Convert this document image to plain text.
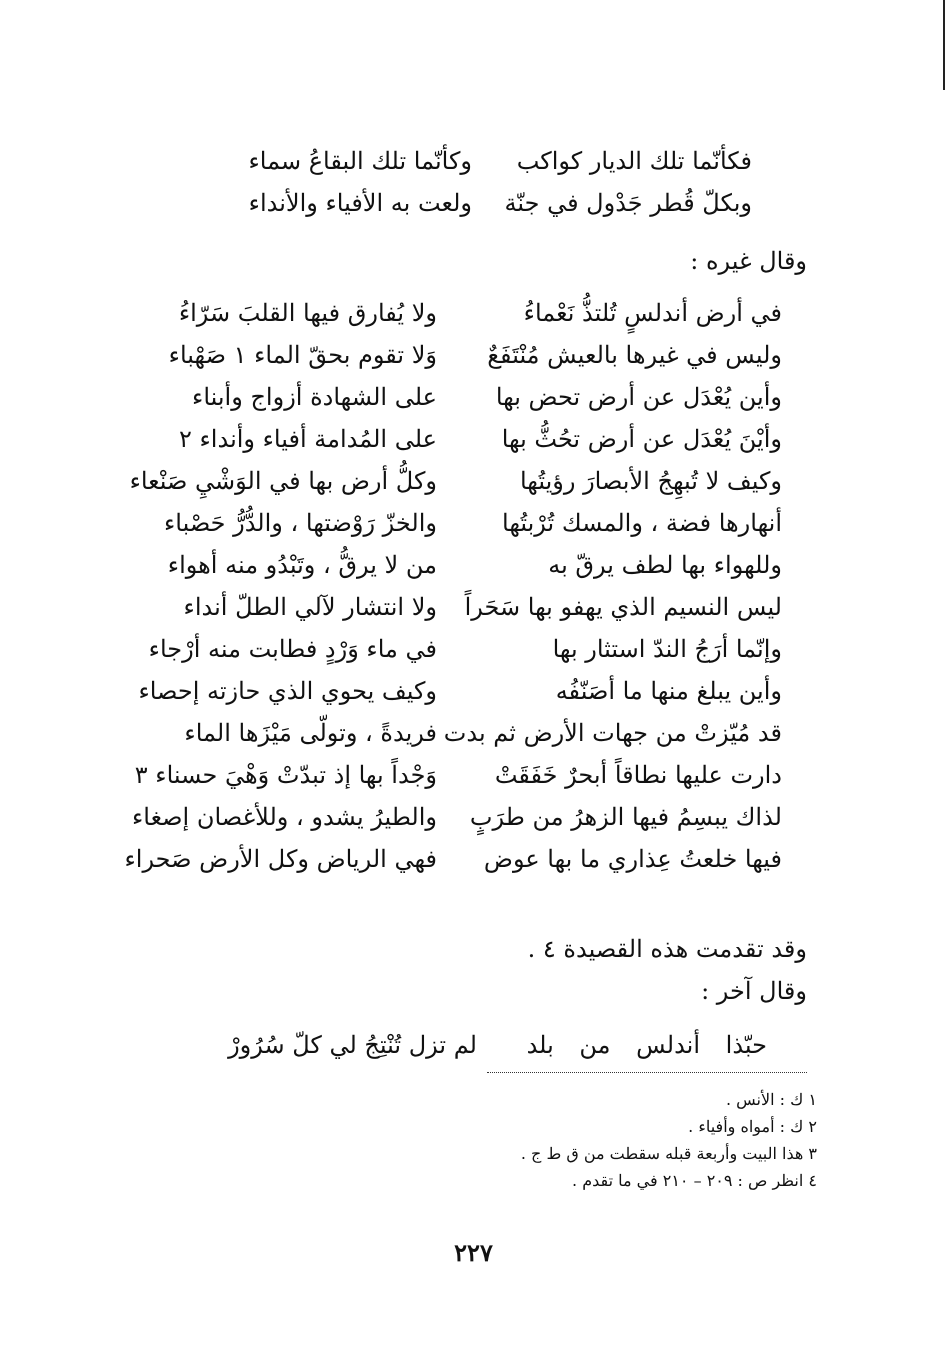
فكأنّما تلك الديار كواكب
وكأنّما تلك البقاعُ سماء
وبكلّ قُطر جَدْول في جنّة
ولعت به الأفياء والأنداء
وقال غيره :
في أرض أندلسٍ تُلتذُّ نَعْماءُ
ولا يُفارق فيها القلبَ سَرّاءُ
وليس في غيرها بالعيش مُنْتَفَعٌ
وَلا تقوم بحقّ الماء ١ صَهْباء
وأين يُعْدَل عن أرض تحض بها
على الشهادة أزواج وأبناء
وأيْنَ يُعْدَل عن أرض تحُثُّ بها
على المُدامة أفياء وأنداء ٢
وكيف لا تُبهِجُ الأبصارَ رؤيتُها
وكلُّ أرض بها في الوَشْيِ صَنْعاء
أنهارها فضة ، والمسك تُرْبتُها
والخزّ رَوْضتها ، والدُّرُّ حَصْباء
وللهواء بها لطف يرقّ به
من لا يرقُّ ، وتَبْدُو منه أهواء
ليس النسيم الذي يهفو بها سَحَراً
ولا انتشار لآلي الطلّ أنداء
وإنّما أرَجُ الندّ استثار بها
في ماء وَرْدٍ فطابت منه أرْجاء
وأين يبلغ منها ما أصَنّفُه
وكيف يحوي الذي حازته إحصاء
قد مُيّزتْ من جهات الأرض ثم بدت
فريدةً ، وتولّى مَيْزَها الماء
دارت عليها نطاقاً أبحرٌ خَفَقَتْ
وَجْداً بها إذ تبدّتْ وَهْيَ حسناء ٣
لذاك يبسِمُ فيها الزهرُ من طرَبٍ
والطيرُ يشدو ، وللأغصان إصغاء
فيها خلعتُ عِذاري ما بها عوض
فهي الرياض وكل الأرض صَحراء
وقد تقدمت هذه القصيدة ٤ .
وقال آخر :
حبّذا أندلس من بلد
لم تزل تُنْتِجُ لي كلّ سُرُورْ
١ ك : الأنس .
٢ ك : أمواه وأفياء .
٣ هذا البيت وأربعة قبله سقطت من ق ط ج .
٤ انظر ص : ٢٠٩ – ٢١٠ في ما تقدم .
٢٢٧
